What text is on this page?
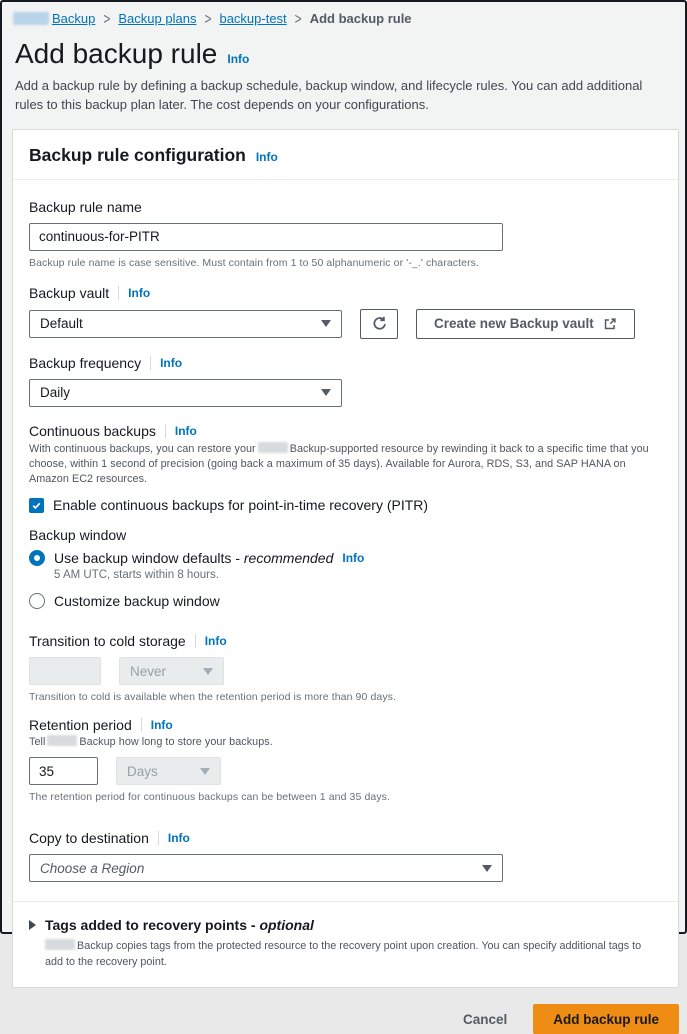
Backup > Backup plans > backup-test > Add backup rule
Add backup rule Info
Add a backup rule by defining a backup schedule, backup window, and lifecycle rules. You can add additional rules to this backup plan later. The cost depends on your configurations.
Backup rule configuration Info
Backup rule name
continuous-for-PITR
Backup rule name is case sensitive. Must contain from 1 to 50 alphanumeric or '-_.' characters.
Backup vault Info
Default	Create new Backup vault
Backup frequency Info
Daily
Continuous backups Info
With continuous backups, you can restore your	Backup-supported resource by rewinding it back to a specific time that you choose, within 1 second of precision (going back a maximum of 35 days). Available for Aurora, RDS, S3, and SAP HANA on Amazon EC2 resources.
Enable continuous backups for point-in-time recovery (PITR)
Backup window
Use backup window defaults - recommended Info
5 AM UTC, starts within 8 hours.
Customize backup window
Transition to cold storage Info
Never
Transition to cold is available when the retention period is more than 90 days.
Retention period Info
Tell	Backup how long to store your backups.
35
Days
The retention period for continuous backups can be between 1 and 35 days.
Copy to destination Info
Choose a Region
Tags added to recovery points - optional
Backup copies tags from the protected resource to the recovery point upon creation. You can specify additional tags to add to the recovery point.
Cancel	Add backup rule
